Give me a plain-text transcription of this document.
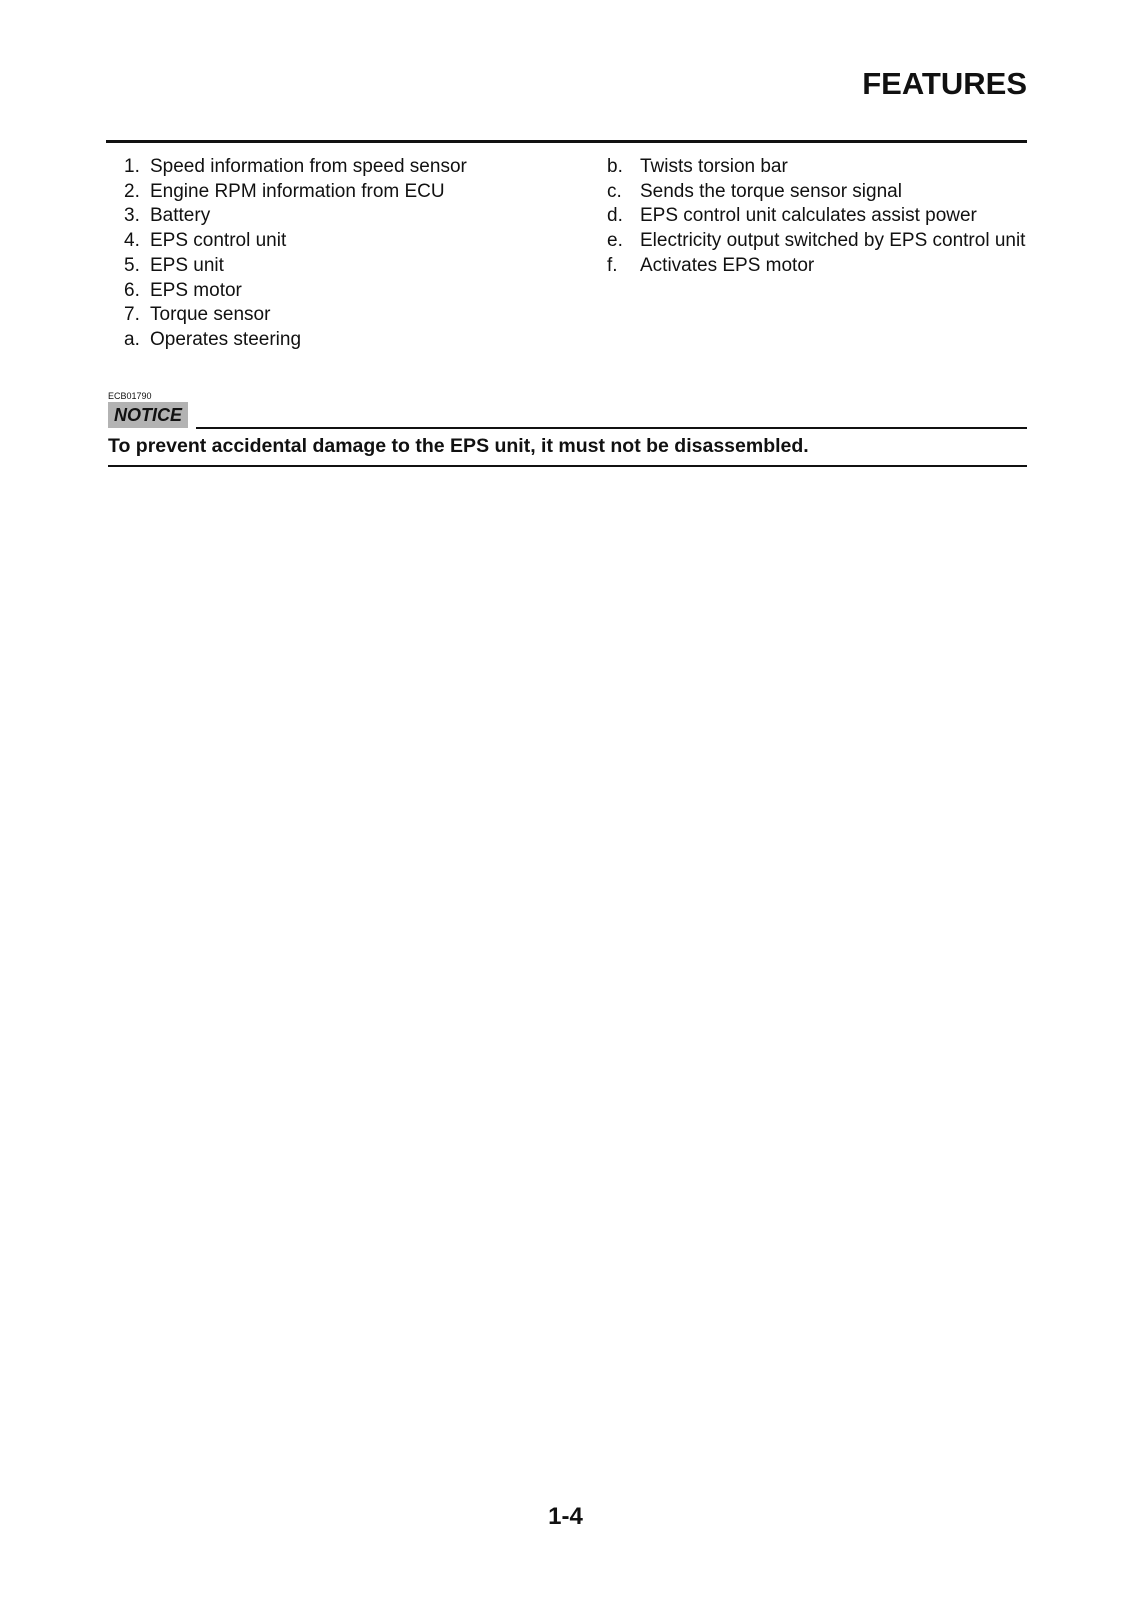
FEATURES
1. Speed information from speed sensor
2. Engine RPM information from ECU
3. Battery
4. EPS control unit
5. EPS unit
6. EPS motor
7. Torque sensor
a. Operates steering
b. Twists torsion bar
c. Sends the torque sensor signal
d. EPS control unit calculates assist power
e. Electricity output switched by EPS control unit
f.	Activates EPS motor
ECB01790
NOTICE

To prevent accidental damage to the EPS unit, it must not be disassembled.

1-4
